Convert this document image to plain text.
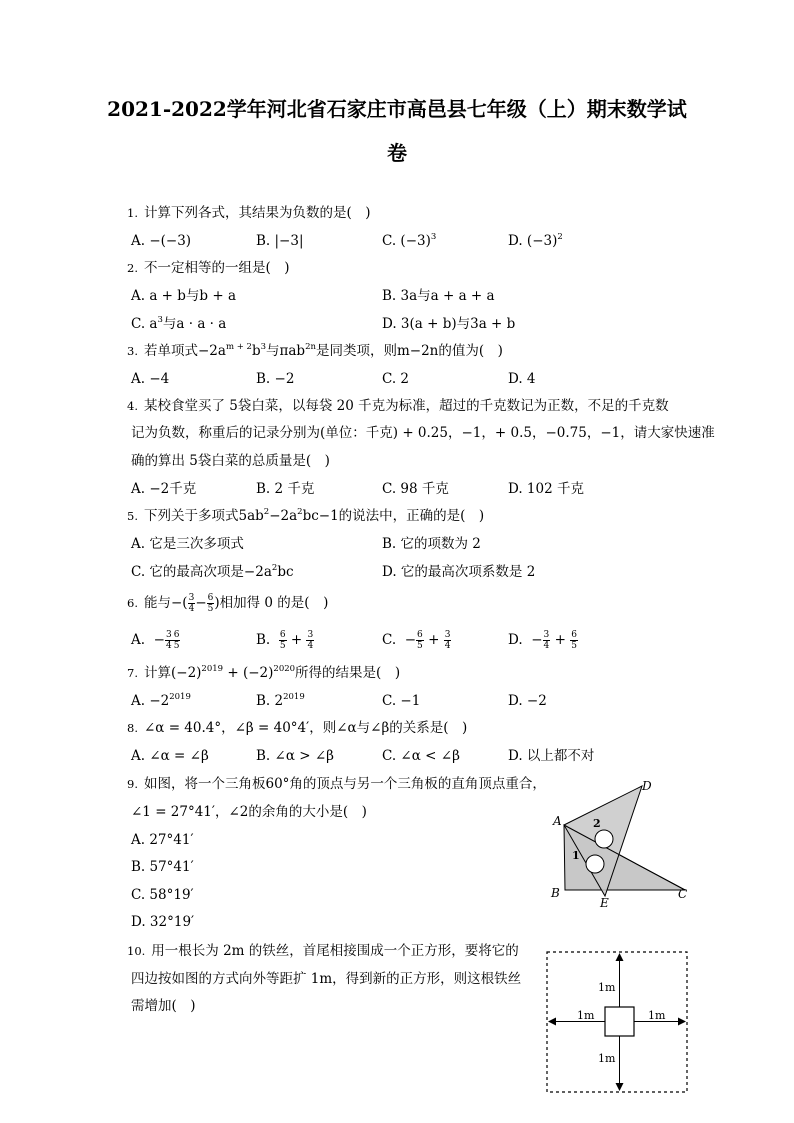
2021-2022学年河北省石家庄市高邑县七年级（上）期末数学试
卷
1. 计算下列各式，其结果为负数的是(　)
A. −(−3)	B. |−3|	C. $(-3)^3$	D. $(-3)^2$
2. 不一定相等的一组是(　)
A. a + b与b + a	B. 3a与a + a + a
C. $a^3$与a · a · a	D. 3(a + b)与3a + b
3. 若单项式$-2a^{m + 2}b^3$与πab$^{2n}$是同类项，则m−2n的值为(　)
A. −4	B. −2	C. 2	D. 4
4. 某校食堂买了 5袋白菜，以每袋 20 千克为标准，超过的千克数记为正数，不足的千克数
记为负数，称重后的记录分别为(单位：千克) + 0.25，−1，+ 0.5，−0.75，−1，请大家快速准
确的算出 5袋白菜的总质量是(　)
A. −2千克	B. 2 千克	C. 98 千克	D. 102 千克
5. 下列关于多项式$5ab^2-2a^2bc-1$的说法中，正确的是(　)
A. 它是三次多项式	B. 它的项数为 2
C. 它的最高次项是$-2a^2bc$	D. 它的最高次项系数是 2
6. 能与−( $\frac{3}{4} - \frac{6}{5}$ )相加得 0 的是(　)
A. − $\frac{3}{4} \frac{6}{5}$	B. $\frac{6}{5} + \frac{3}{4}$	C. − $\frac{6}{5} + \frac{3}{4}$	D. − $\frac{3}{4} + \frac{6}{5}$
7. 计算$(-2)^{2019} + (-2)^{2020}$所得的结果是(　)
A. $-2^{2019}$	B. $2^{2019}$	C. −1	D. −2
8. ∠α = 40.4°，∠β = 40°4′，则∠α与∠β的关系是(　)
A. ∠α = ∠β	B. ∠α > ∠β	C. ∠α < ∠β	D. 以上都不对
9. 如图，将一个三角板60°角的顶点与另一个三角板的直角顶点重合，
∠1 = 27°41′，∠2的余角的大小是(　)
A. 27°41′
B. 57°41′
C. 58°19′
D. 32°19′
A
B	C
D
E
1
2
10. 用一根长为 2m 的铁丝，首尾相接围成一个正方形，要将它的
四边按如图的方式向外等距扩 1m，得到新的正方形，则这根铁丝
需增加(　)
1m
1m	1m
1m
